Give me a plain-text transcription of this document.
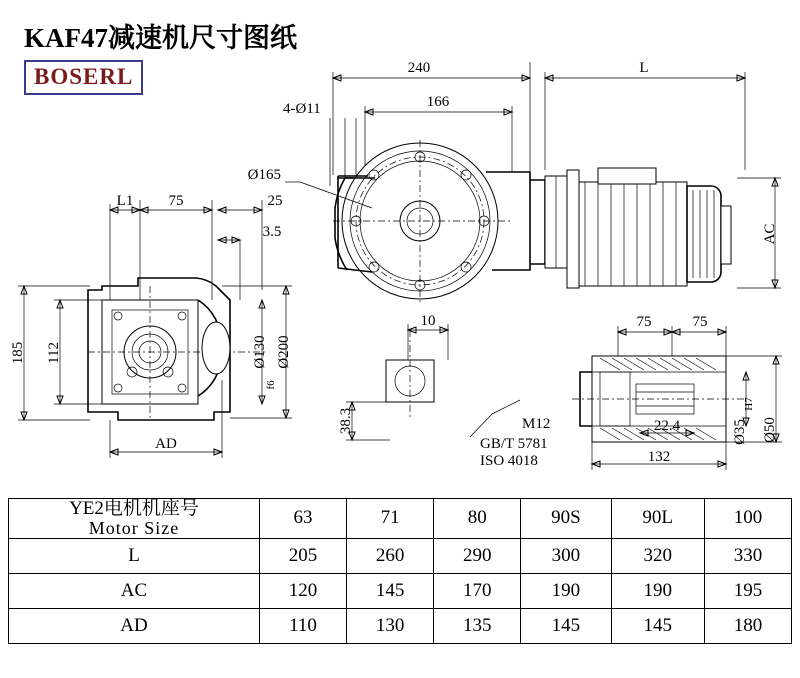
KAF47减速机尺寸图纸
BOSERL	240	L
4-Ø11	166
Ø165
AC
L1 75	25
3.5
185 112	Ø130
f6
Ø200
AD
10
38.3	M12
GB/T 5781
ISO 4018
75	75
22.4
132
Ø35
H7
Ø50
YE2电机机座号
Motor Size	63	71	80	90S	90L	100
L	205	260	290	300	320	330
AC	120	145	170	190	190	195
AD	110	130	135	145	145	180
